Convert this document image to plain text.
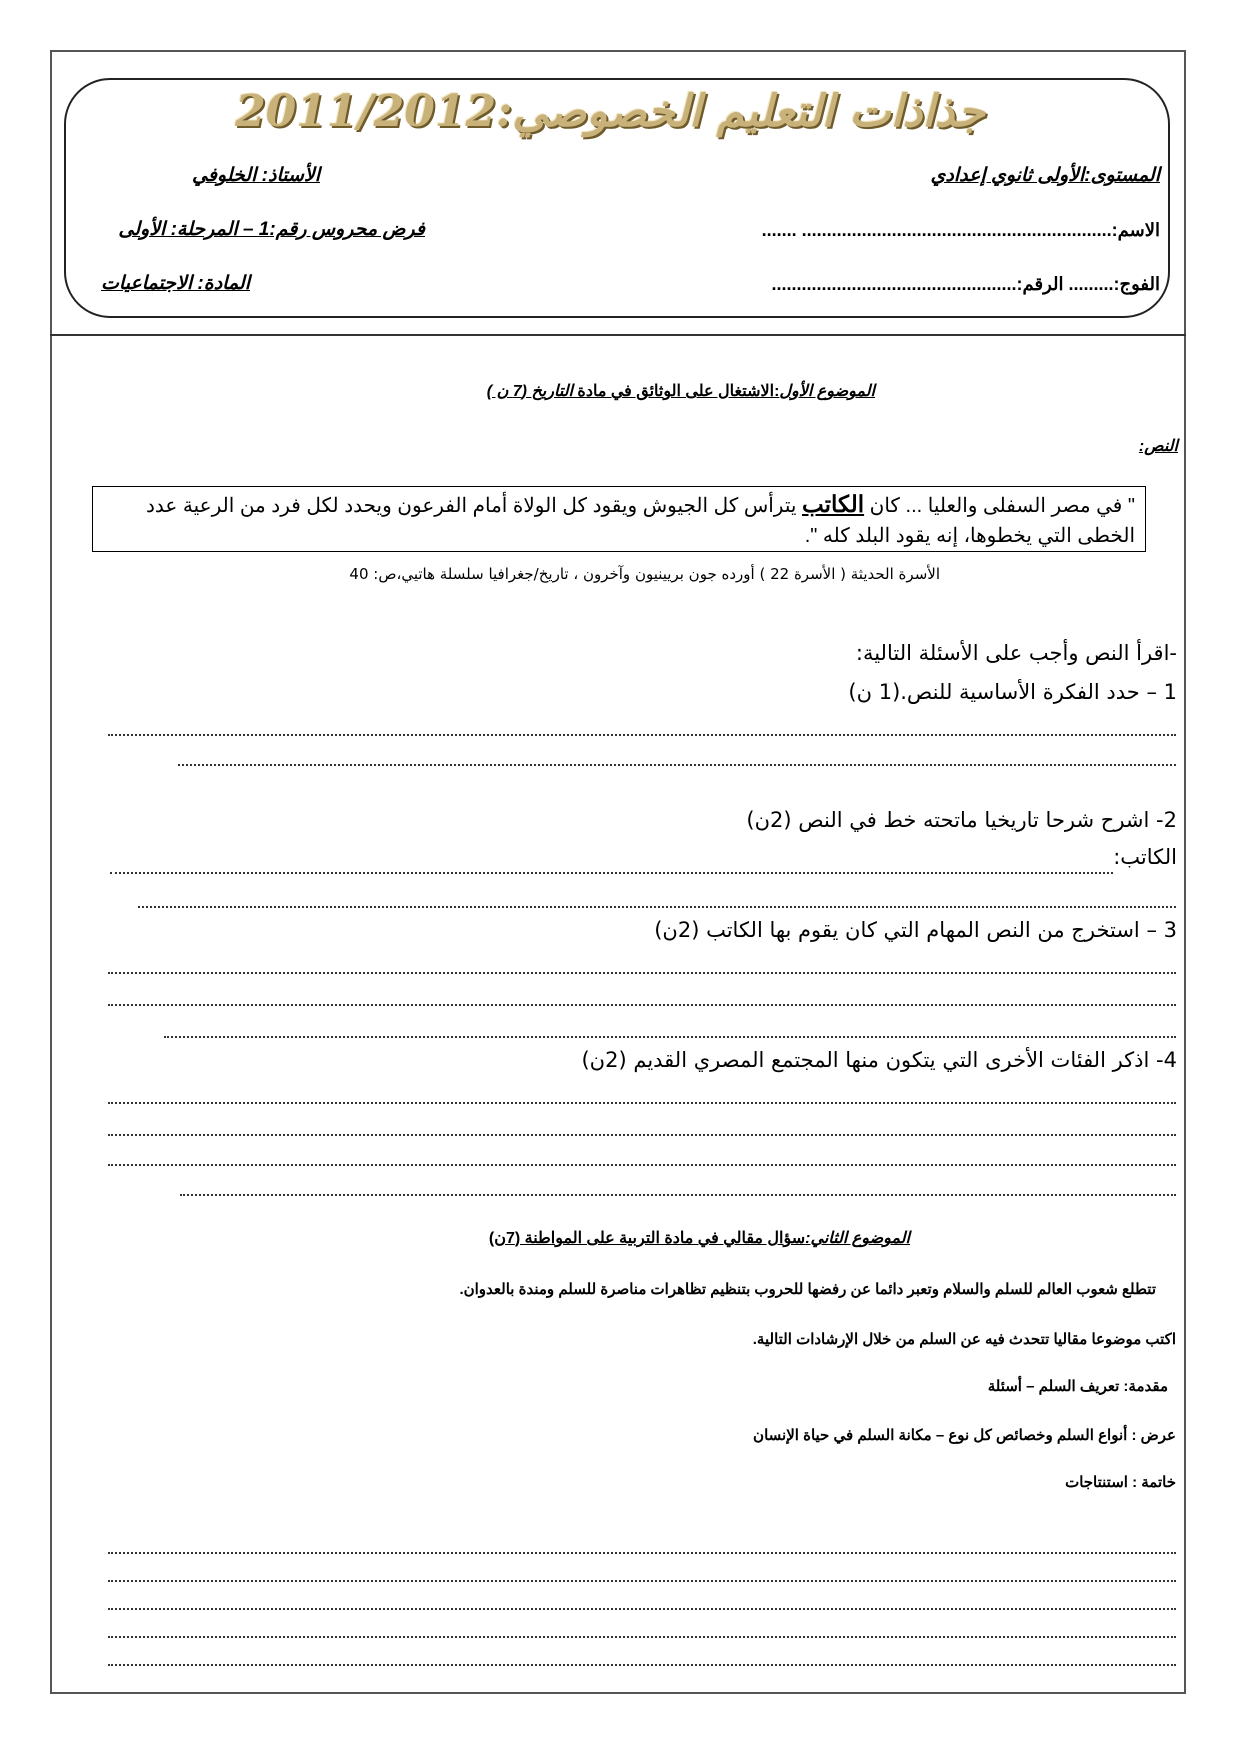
جذاذات التعليم الخصوصي:2011/2012
المستوى:الأولى ثانوي إعدادي
الأستاذ: الخلوفي
الاسم:.............................................................. .......
فرض محروس رقم:1 – المرحلة: الأولى
الفوج:......... الرقم:.................................................
المادة: الاجتماعيات
الموضوع الأول:الاشتغال على الوثائق في مادة التاريخ (7 ن )
النص:
" في مصر السفلى والعليا ... كان الكاتب يترأس كل الجيوش ويقود كل الولاة أمام الفرعون ويحدد لكل فرد من الرعية عدد الخطى التي يخطوها، إنه يقود البلد كله ".
الأسرة الحديثة ( الأسرة 22 ) أورده جون بريينيون وآخرون ، تاريخ/جغرافيا سلسلة هاتيي،ص: 40
-اقرأ النص وأجب على الأسئلة التالية:
1 – حدد الفكرة الأساسية للنص.(1 ن)
2- اشرح شرحا تاريخيا ماتحته خط في النص (2ن)
الكاتب:
3 – استخرج من النص المهام التي كان يقوم بها الكاتب (2ن)
4- اذكر الفئات الأخرى التي يتكون منها المجتمع المصري القديم (2ن)
الموضوع الثاني:سؤال مقالي في مادة التربية على المواطنة (7ن)
تتطلع شعوب العالم للسلم والسلام وتعبر دائما عن رفضها للحروب بتنظيم تظاهرات مناصرة للسلم ومندة بالعدوان.
اكتب موضوعا مقاليا تتحدث فيه عن السلم من خلال الإرشادات التالية.
مقدمة: تعريف السلم – أسئلة
عرض : أنواع السلم وخصائص كل نوع – مكانة السلم في حياة الإنسان
خاتمة : استنتاجات
